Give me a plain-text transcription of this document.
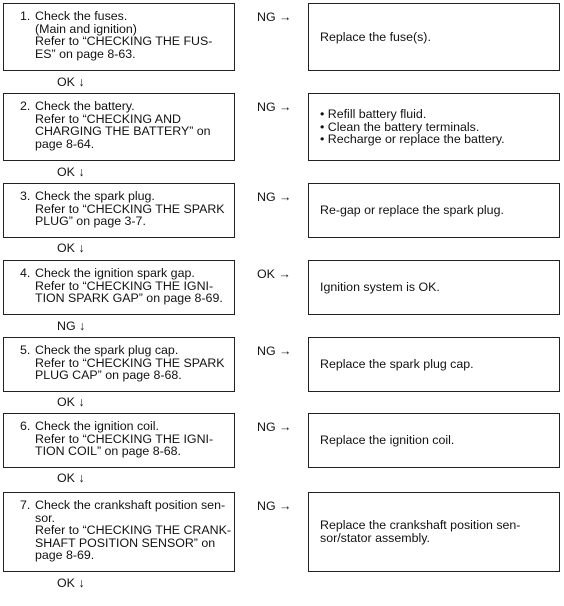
1. Check the fuses.
(Main and ignition)
Refer to “CHECKING THE FUS-
ES” on page 8-63.
NG →
Replace the fuse(s).
OK ↓
2. Check the battery.
Refer to “CHECKING AND
CHARGING THE BATTERY” on
page 8-64.
NG →
• Refill battery fluid.
• Clean the battery terminals.
• Recharge or replace the battery.
OK ↓
3. Check the spark plug.
Refer to “CHECKING THE SPARK
PLUG” on page 3-7.
NG →
Re-gap or replace the spark plug.
OK ↓
4. Check the ignition spark gap.
Refer to “CHECKING THE IGNI-
TION SPARK GAP” on page 8-69.
OK →
Ignition system is OK.
NG ↓
5. Check the spark plug cap.
Refer to “CHECKING THE SPARK
PLUG CAP” on page 8-68.
NG →
Replace the spark plug cap.
OK ↓
6. Check the ignition coil.
Refer to “CHECKING THE IGNI-
TION COIL” on page 8-68.
NG →
Replace the ignition coil.
OK ↓
7. Check the crankshaft position sen-
sor.
Refer to “CHECKING THE CRANK-
SHAFT POSITION SENSOR” on
page 8-69.
NG →
Replace the crankshaft position sen-
sor/stator assembly.
OK ↓
